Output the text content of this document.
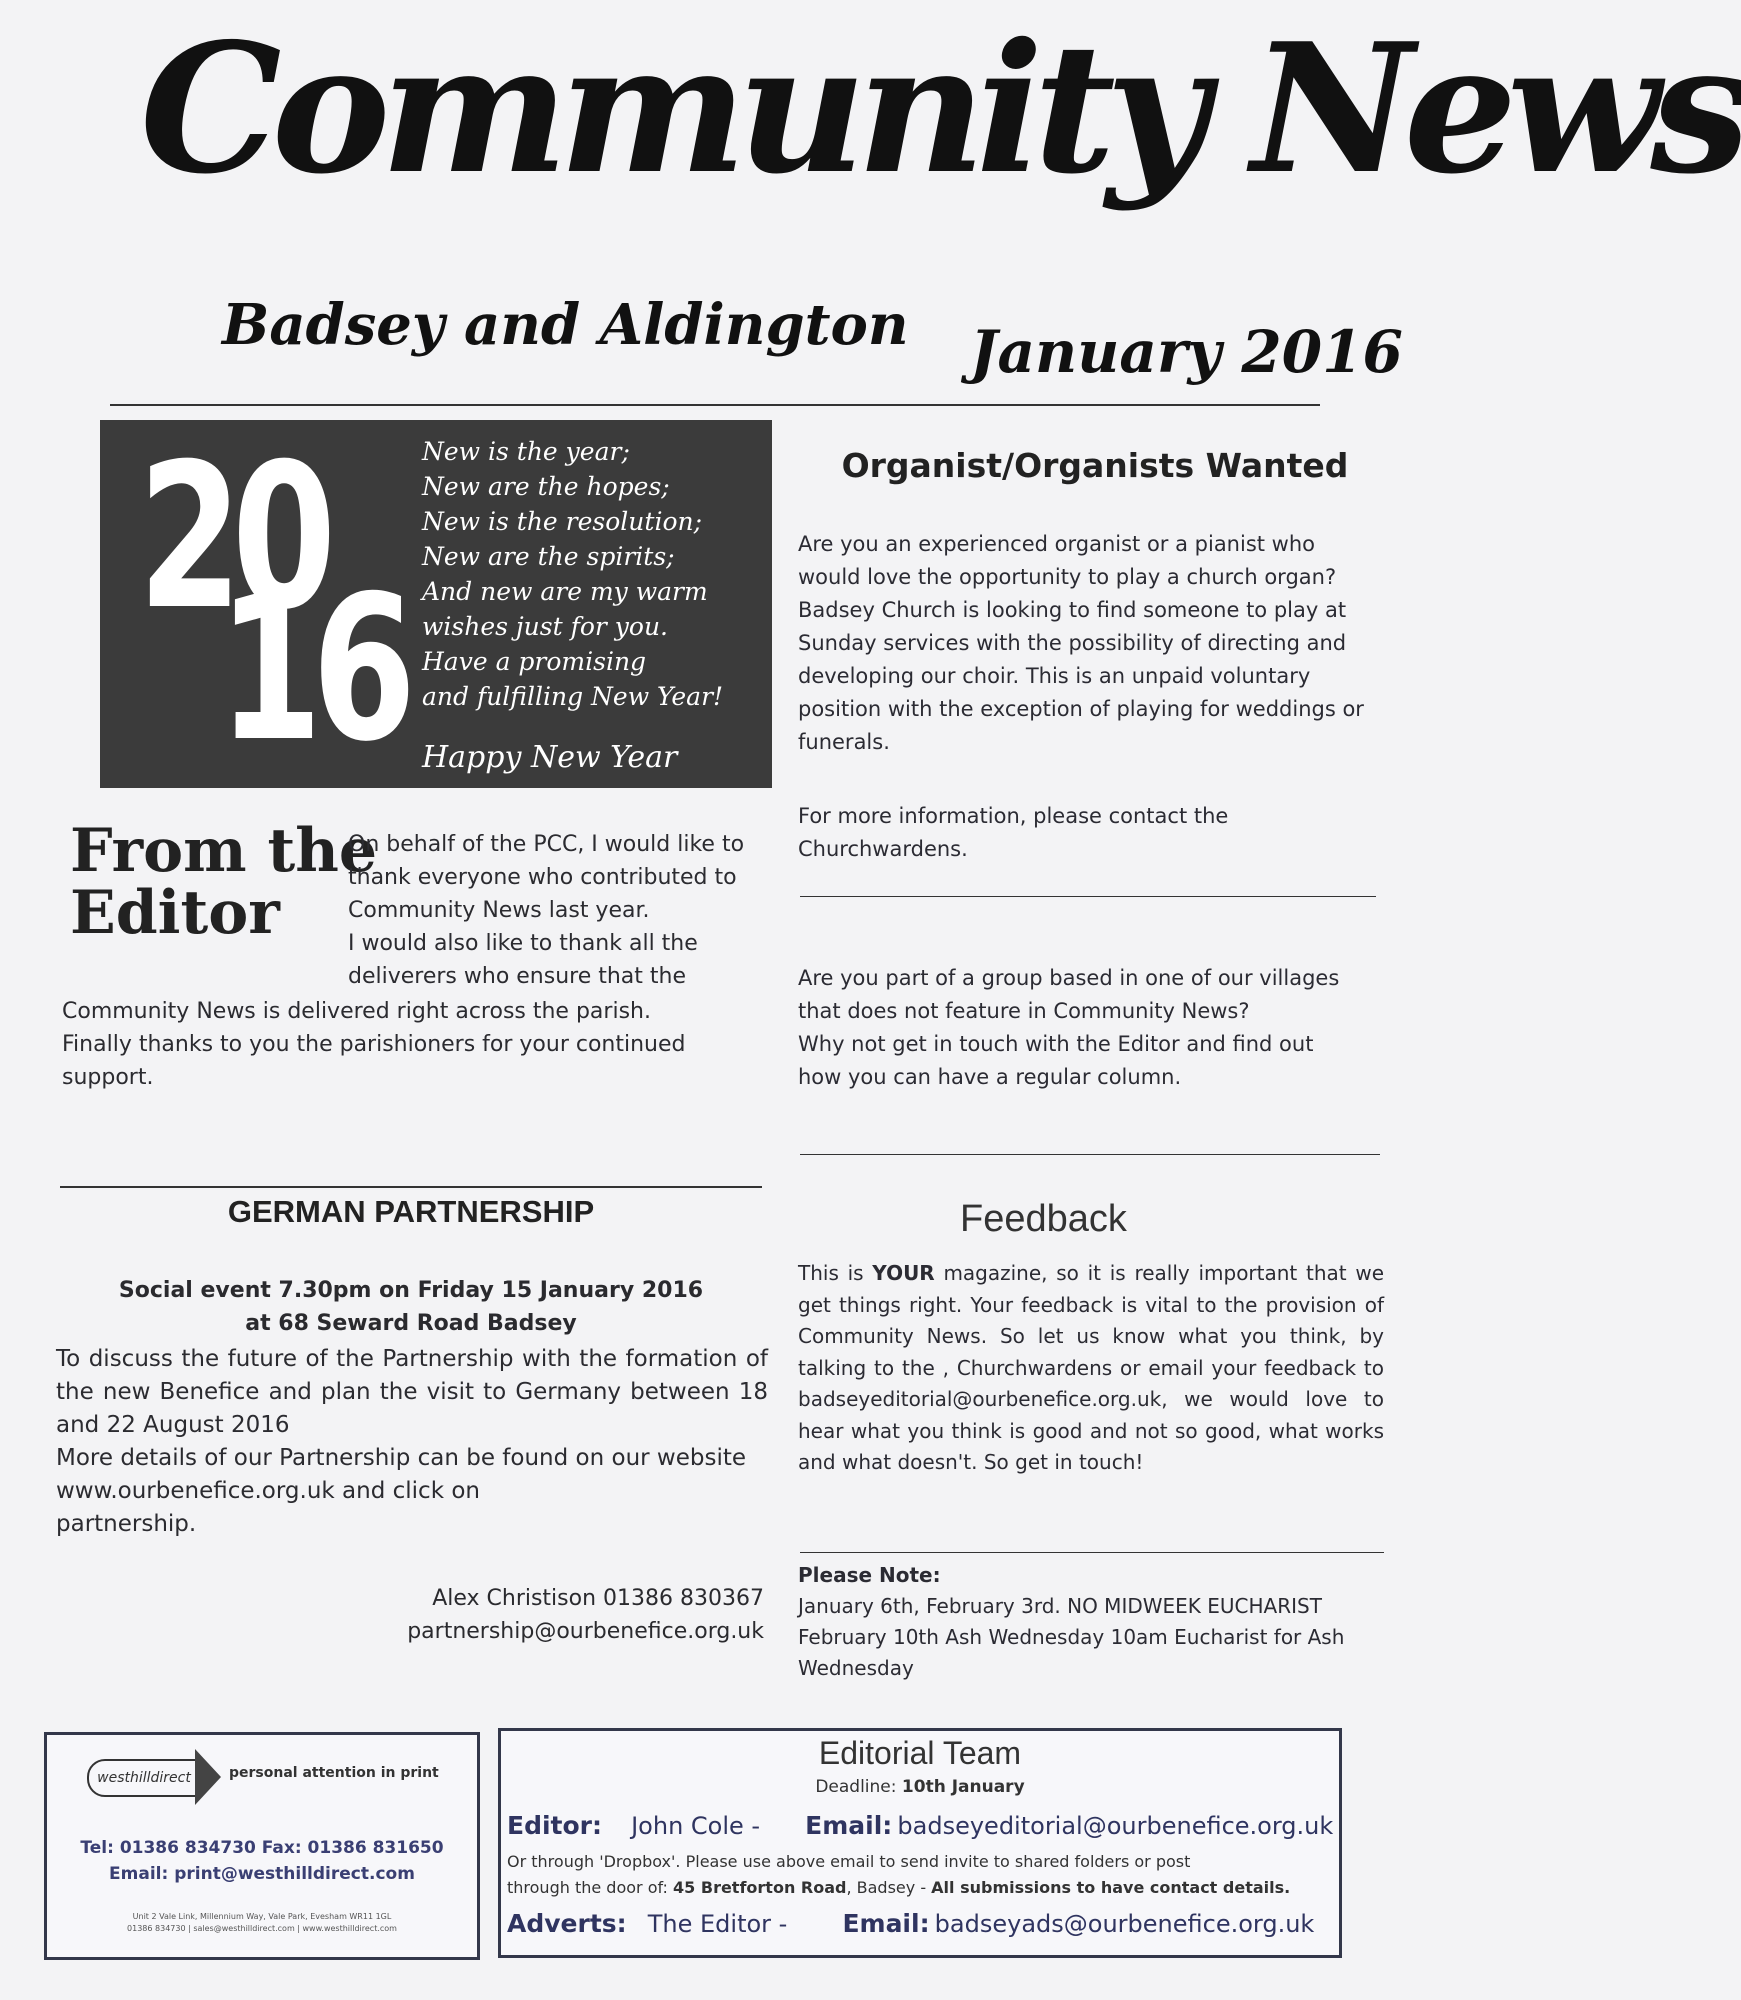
Community News
Badsey and Aldington January 2016
20
16
New is the year;
New are the hopes;
New is the resolution;
New are the spirits;
And new are my warm
wishes just for you.
Have a promising
and fulfilling New Year!
Happy New Year
From the
Editor
On behalf of the PCC, I would like to
thank everyone who contributed to
Community News last year.
I would also like to thank all the
deliverers who ensure that the
Community News is delivered right across the parish.
Finally thanks to you the parishioners for your continued
support.
GERMAN PARTNERSHIP
Social event 7.30pm on Friday 15 January 2016
at 68 Seward Road Badsey
To discuss the future of the Partnership with the formation of the new Benefice and plan the visit to Germany between 18 and 22 August 2016
More details of our Partnership can be found on our website
www.ourbenefice.org.uk and click on
partnership.
Alex Christison 01386 830367
partnership@ourbenefice.org.uk
Organist/Organists Wanted
Are you an experienced organist or a pianist who would love the opportunity to play a church organ? Badsey Church is looking to find someone to play at Sunday services with the possibility of directing and developing our choir. This is an unpaid voluntary position with the exception of playing for weddings or funerals.
For more information, please contact the Churchwardens.
Are you part of a group based in one of our villages
that does not feature in Community News?
Why not get in touch with the Editor and find out
how you can have a regular column.
Feedback
This is YOUR magazine, so it is really important that we get things right. Your feedback is vital to the provision of Community News. So let us know what you think, by talking to the , Churchwardens or email your feedback to badseyeditorial@ourbenefice.org.uk, we would love to hear what you think is good and not so good, what works and what doesn't. So get in touch!
Please Note:
January 6th, February 3rd. NO MIDWEEK EUCHARIST
February 10th Ash Wednesday 10am Eucharist for Ash
Wednesday
westhilldirect	personal attention in print
Tel: 01386 834730 Fax: 01386 831650
Email: print@westhilldirect.com
Unit 2 Vale Link, Millennium Way, Vale Park, Evesham WR11 1GL
01386 834730 | sales@westhilldirect.com | www.westhilldirect.com
Editorial Team
Deadline: 10th January
Editor: John Cole - Email: badseyeditorial@ourbenefice.org.uk
Or through 'Dropbox'. Please use above email to send invite to shared folders or post
through the door of: 45 Bretforton Road, Badsey - All submissions to have contact details.
Adverts: The Editor - Email: badseyads@ourbenefice.org.uk
